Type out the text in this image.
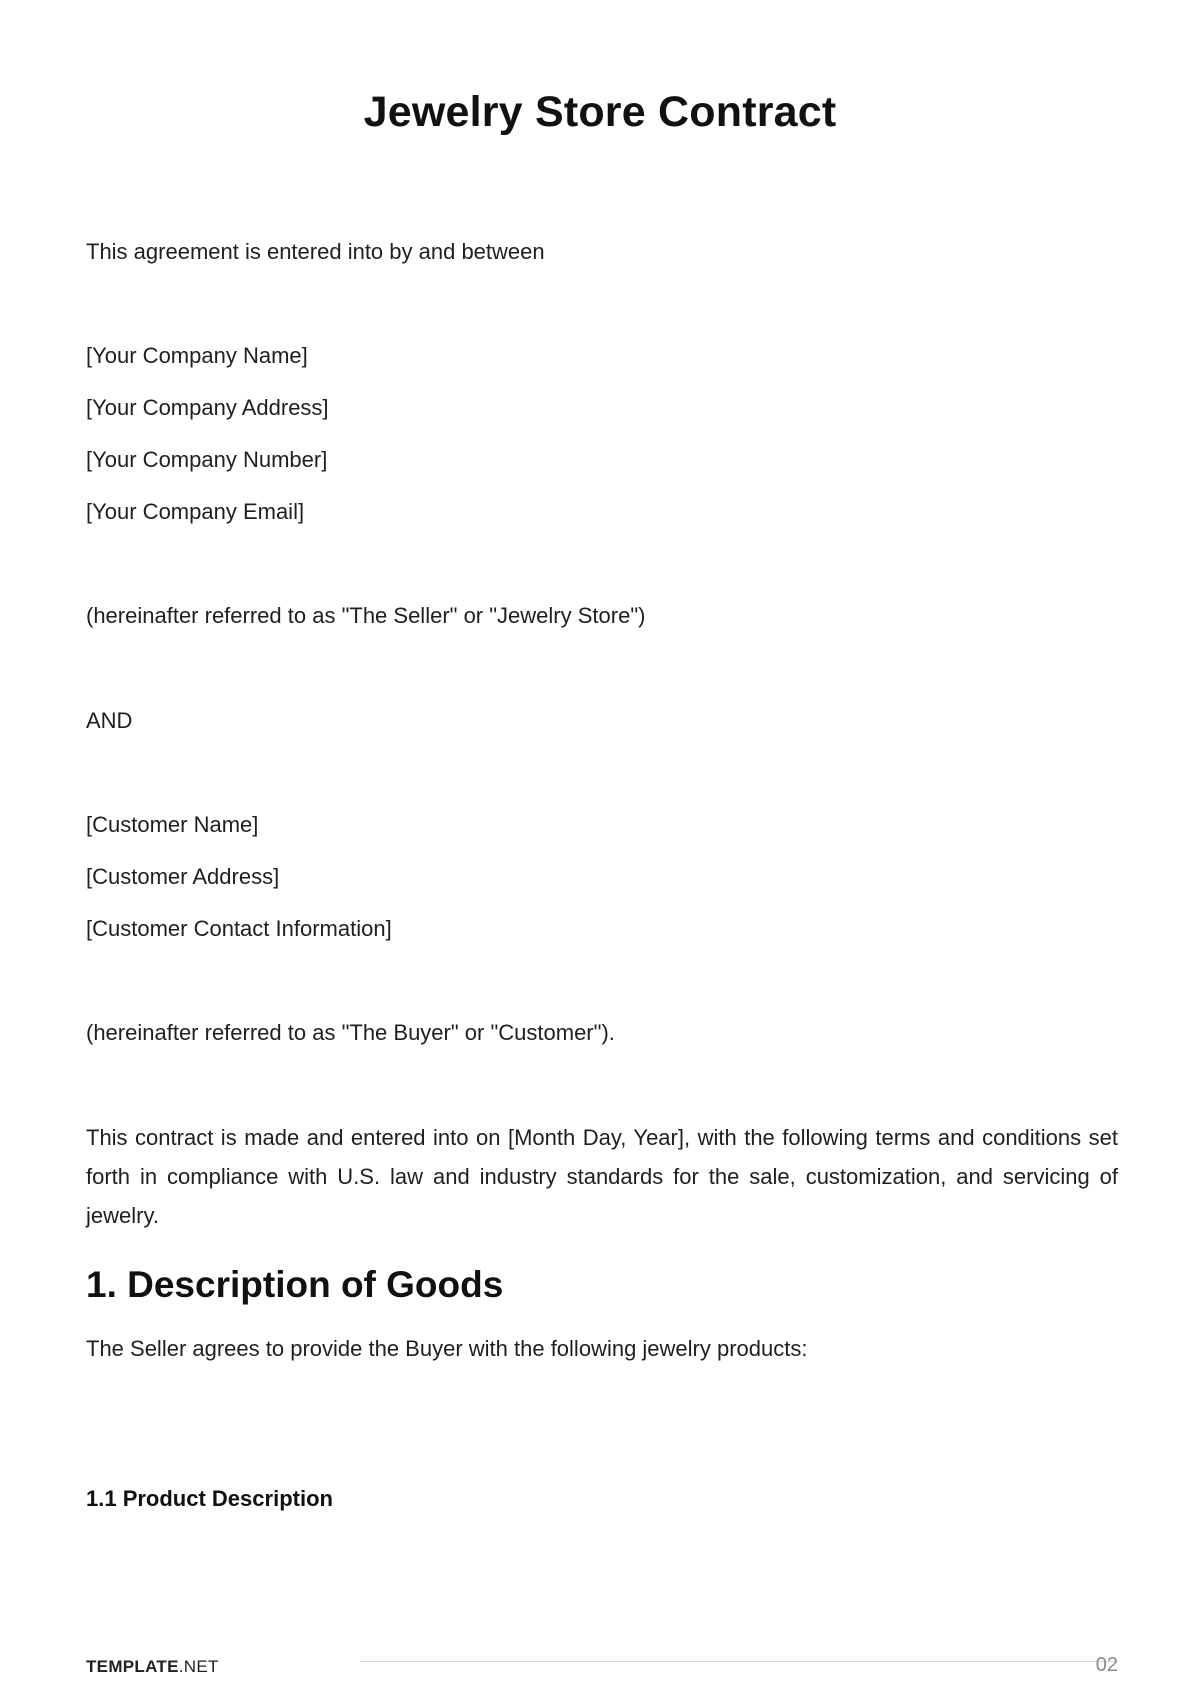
Jewelry Store Contract

This agreement is entered into by and between

[Your Company Name]

[Your Company Address]

[Your Company Number]

[Your Company Email]

(hereinafter referred to as "The Seller" or "Jewelry Store")

AND

[Customer Name]

[Customer Address]

[Customer Contact Information]

(hereinafter referred to as "The Buyer" or "Customer").

This contract is made and entered into on [Month Day, Year], with the following terms and conditions set forth in compliance with U.S. law and industry standards for the sale, customization, and servicing of jewelry.

1. Description of Goods

The Seller agrees to provide the Buyer with the following jewelry products:

1.1 Product Description
TEMPLATE.NET	02
